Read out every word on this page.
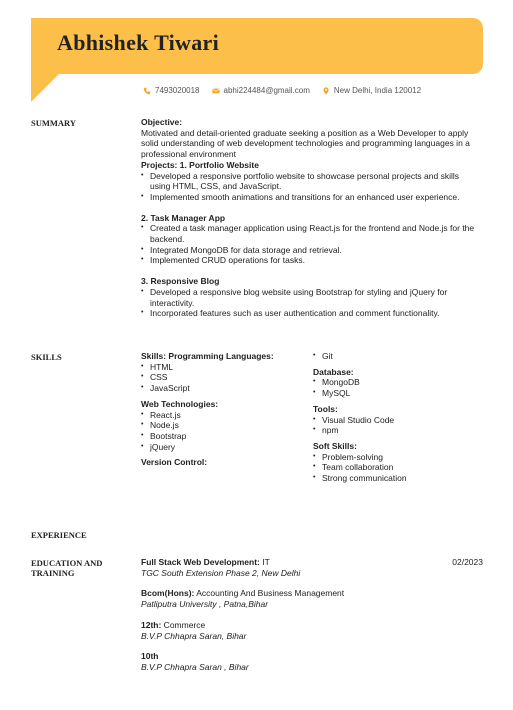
Abhishek Tiwari
7493020018	abhi224484@gmail.com	New Delhi, India 120012
SUMMARY	Objective:
Motivated and detail-oriented graduate seeking a position as a Web Developer to apply solid understanding of web development technologies and programming languages in a professional environment
Projects: 1. Portfolio Website
• Developed a responsive portfolio website to showcase personal projects and skills using HTML, CSS, and JavaScript.
• Implemented smooth animations and transitions for an enhanced user experience.
2. Task Manager App
• Created a task manager application using React.js for the frontend and Node.js for the backend.
• Integrated MongoDB for data storage and retrieval.
• Implemented CRUD operations for tasks.
3. Responsive Blog
• Developed a responsive blog website using Bootstrap for styling and jQuery for interactivity.
• Incorporated features such as user authentication and comment functionality.
SKILLS	Skills: Programming Languages:
• HTML
• CSS
• JavaScript
Web Technologies:
• React.js
• Node.js
• Bootstrap
• jQuery
Version Control:
• Git
Database:
• MongoDB
• MySQL
Tools:
• Visual Studio Code
• npm
Soft Skills:
• Problem-solving
• Team collaboration
• Strong communication
EXPERIENCE
EDUCATION AND TRAINING
Full Stack Web Development: IT
TGC South Extension Phase 2, New Delhi
Bcom(Hons): Accounting And Business Management
Patliputra University , Patna,Bihar
12th: Commerce
B.V.P Chhapra Saran, Bihar
10th
B.V.P Chhapra Saran , Bihar
02/2023
